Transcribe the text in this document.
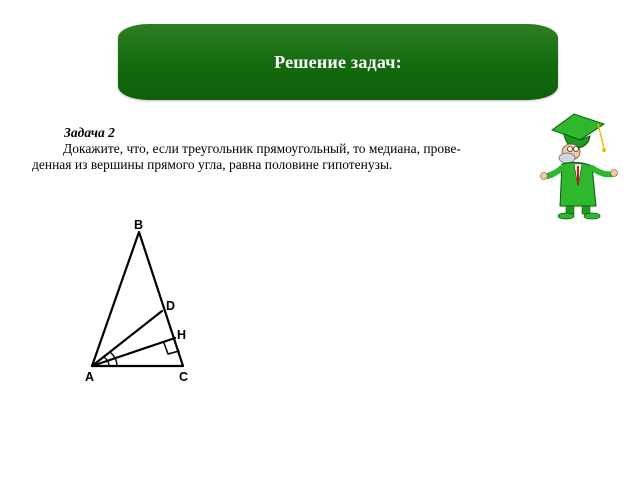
Решение задач:
Задача 2
Докажите, что, если треугольник прямоугольный, то медиана, прове-
денная из вершины прямого угла, равна половине гипотенузы.
B
D
H
A	C
